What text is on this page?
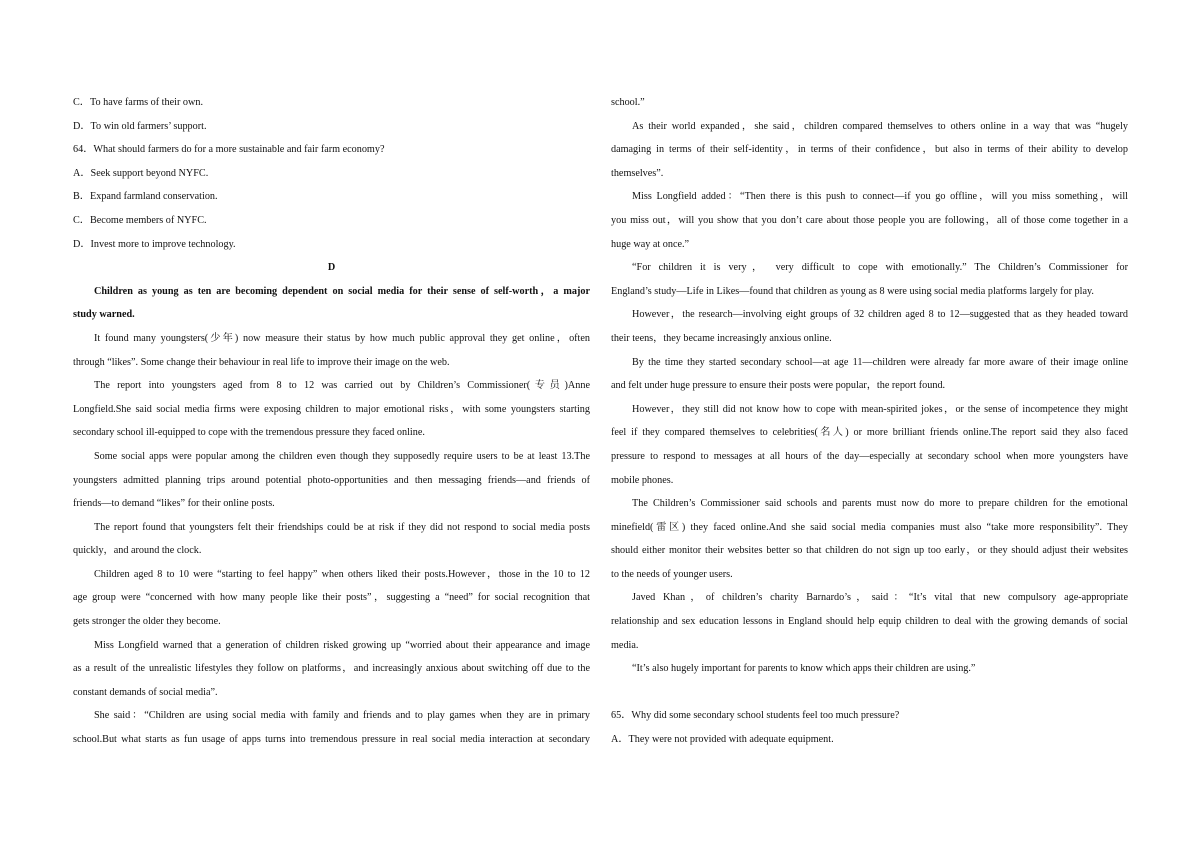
C．To have farms of their own.
D．To win old farmers’ support.
64．What should farmers do for a more sustainable and fair farm economy?
A．Seek support beyond NYFC.
B．Expand farmland conservation.
C．Become members of NYFC.
D．Invest more to improve technology.
D
Children as young as ten are becoming dependent on social media for their sense of self-worth，a major
study warned.
It found many youngsters(少年) now measure their status by how much public approval they get online，often
through “likes”. Some change their behaviour in real life to improve their image on the web.
The report into youngsters aged from 8 to 12 was carried out by Children’s Commissioner(专员)Anne
Longfield.She said social media firms were exposing children to major emotional risks，with some youngsters starting
secondary school ill-equipped to cope with the tremendous pressure they faced online.
Some social apps were popular among the children even though they supposedly require users to be at least 13.The
youngsters admitted planning trips around potential photo-opportunities and then messaging friends—and friends of
friends—to demand “likes” for their online posts.
The report found that youngsters felt their friendships could be at risk if they did not respond to social media posts
quickly，and around the clock.
Children aged 8 to 10 were “starting to feel happy” when others liked their posts.However，those in the 10 to 12
age group were “concerned with how many people like their posts”，suggesting a “need” for social recognition that
gets stronger the older they become.
Miss Longfield warned that a generation of children risked growing up “worried about their appearance and image
as a result of the unrealistic lifestyles they follow on platforms，and increasingly anxious about switching off due to the
constant demands of social media”.
She said：“Children are using social media with family and friends and to play games when they are in primary
school.But what starts as fun usage of apps turns into tremendous pressure in real social media interaction at secondary
school.”
As their world expanded，she said，children compared themselves to others online in a way that was “hugely
damaging in terms of their self-identity，in terms of their confidence，but also in terms of their ability to develop
themselves”.
Miss Longfield added：“Then there is this push to connect—if you go offline，will you miss something，will
you miss out，will you show that you don’t care about those people you are following，all of those come together in a
huge way at once.”
“For children it is very， very difficult to cope with emotionally.” The Children’s Commissioner for
England’s study—Life in Likes—found that children as young as 8 were using social media platforms largely for play.
However，the research—involving eight groups of 32 children aged 8 to 12—suggested that as they headed toward
their teens，they became increasingly anxious online.
By the time they started secondary school—at age 11—children were already far more aware of their image online
and felt under huge pressure to ensure their posts were popular，the report found.
However，they still did not know how to cope with mean-spirited jokes，or the sense of incompetence they might
feel if they compared themselves to celebrities(名人) or more brilliant friends online.The report said they also faced
pressure to respond to messages at all hours of the day—especially at secondary school when more youngsters have
mobile phones.
The Children’s Commissioner said schools and parents must now do more to prepare children for the emotional
minefield(雷区) they faced online.And she said social media companies must also “take more responsibility”. They
should either monitor their websites better so that children do not sign up too early，or they should adjust their websites
to the needs of younger users.
Javed Khan，of children’s charity Barnardo’s，said：“It’s vital that new compulsory age-appropriate
relationship and sex education lessons in England should help equip children to deal with the growing demands of social
media.
“It’s also hugely important for parents to know which apps their children are using.”
65．Why did some secondary school students feel too much pressure?
A．They were not provided with adequate equipment.
